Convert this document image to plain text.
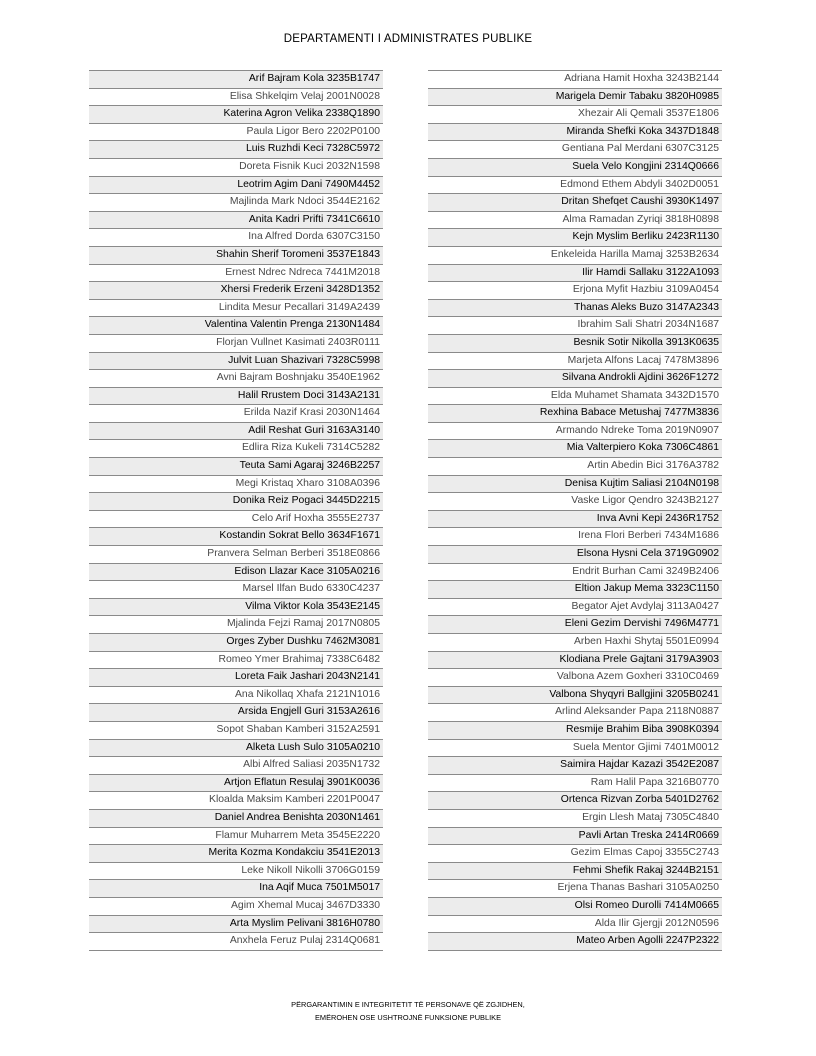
DEPARTAMENTI I ADMINISTRATES PUBLIKE
Arif Bajram Kola 3235B1747
Elisa Shkelqim Velaj 2001N0028
Katerina Agron Velika 2338Q1890
Paula Ligor Bero 2202P0100
Luis Ruzhdi Keci 7328C5972
Doreta Fisnik Kuci 2032N1598
Leotrim Agim Dani 7490M4452
Majlinda Mark Ndoci 3544E2162
Anita Kadri Prifti 7341C6610
Ina Alfred Dorda 6307C3150
Shahin Sherif Toromeni 3537E1843
Ernest Ndrec Ndreca 7441M2018
Xhersi Frederik Erzeni 3428D1352
Lindita Mesur Pecallari 3149A2439
Valentina Valentin Prenga 2130N1484
Florjan Vullnet Kasimati 2403R0111
Julvit Luan Shazivari 7328C5998
Avni Bajram Boshnjaku 3540E1962
Halil Rrustem Doci 3143A2131
Erilda Nazif Krasi 2030N1464
Adil Reshat Guri 3163A3140
Edlira Riza Kukeli 7314C5282
Teuta Sami Agaraj 3246B2257
Megi Kristaq Xharo 3108A0396
Donika Reiz Pogaci 3445D2215
Celo Arif Hoxha 3555E2737
Kostandin Sokrat Bello 3634F1671
Pranvera Selman Berberi 3518E0866
Edison Llazar Kace 3105A0216
Marsel Ilfan Budo 6330C4237
Vilma Viktor Kola 3543E2145
Mjalinda Fejzi Ramaj 2017N0805
Orges Zyber Dushku 7462M3081
Romeo Ymer Brahimaj 7338C6482
Loreta Faik Jashari 2043N2141
Ana Nikollaq Xhafa 2121N1016
Arsida Engjell Guri 3153A2616
Sopot Shaban Kamberi 3152A2591
Alketa Lush Sulo 3105A0210
Albi Alfred Saliasi 2035N1732
Artjon Eflatun Resulaj 3901K0036
Kloalda Maksim Kamberi 2201P0047
Daniel Andrea Benishta 2030N1461
Flamur Muharrem Meta 3545E2220
Merita Kozma Kondakciu 3541E2013
Leke Nikoll Nikolli 3706G0159
Ina Aqif Muca 7501M5017
Agim Xhemal Mucaj 3467D3330
Arta Myslim Pelivani 3816H0780
Anxhela Feruz Pulaj 2314Q0681
Adriana Hamit Hoxha 3243B2144
Marigela Demir Tabaku 3820H0985
Xhezair Ali Qemali 3537E1806
Miranda Shefki Koka 3437D1848
Gentiana Pal Merdani 6307C3125
Suela Velo Kongjini 2314Q0666
Edmond Ethem Abdyli 3402D0051
Dritan Shefqet Caushi 3930K1497
Alma Ramadan Zyriqi 3818H0898
Kejn Myslim Berliku 2423R1130
Enkeleida Harilla Mamaj 3253B2634
Ilir Hamdi Sallaku 3122A1093
Erjona Myfit Hazbiu 3109A0454
Thanas Aleks Buzo 3147A2343
Ibrahim Sali Shatri 2034N1687
Besnik Sotir Nikolla 3913K0635
Marjeta Alfons Lacaj 7478M3896
Silvana Androkli Ajdini 3626F1272
Elda Muhamet Shamata 3432D1570
Rexhina Babace Metushaj 7477M3836
Armando Ndreke Toma 2019N0907
Mia Valterpiero Koka 7306C4861
Artin Abedin Bici 3176A3782
Denisa Kujtim Saliasi 2104N0198
Vaske Ligor Qendro 3243B2127
Inva Avni Kepi 2436R1752
Irena Flori Berberi 7434M1686
Elsona Hysni Cela 3719G0902
Endrit Burhan Cami 3249B2406
Eltion Jakup Mema 3323C1150
Begator Ajet Avdylaj 3113A0427
Eleni Gezim Dervishi 7496M4771
Arben Haxhi Shytaj 5501E0994
Klodiana Prele Gajtani 3179A3903
Valbona Azem Goxheri 3310C0469
Valbona Shyqyri Ballgjini 3205B0241
Arlind Aleksander Papa 2118N0887
Resmije Brahim Biba 3908K0394
Suela Mentor Gjimi 7401M0012
Saimira Hajdar Kazazi 3542E2087
Ram Halil Papa 3216B0770
Ortenca Rizvan Zorba 5401D2762
Ergin Llesh Mataj 7305C4840
Pavli Artan Treska 2414R0669
Gezim Elmas Capoj 3355C2743
Fehmi Shefik Rakaj 3244B2151
Erjena Thanas Bashari 3105A0250
Olsi Romeo Durolli 7414M0665
Alda Ilir Gjergji 2012N0596
Mateo Arben Agolli 2247P2322
PËRGARANTIMIN E INTEGRITETIT TË PERSONAVE QË ZGJIDHEN,
EMËROHEN OSE USHTROJNË FUNKSIONE PUBLIKE
